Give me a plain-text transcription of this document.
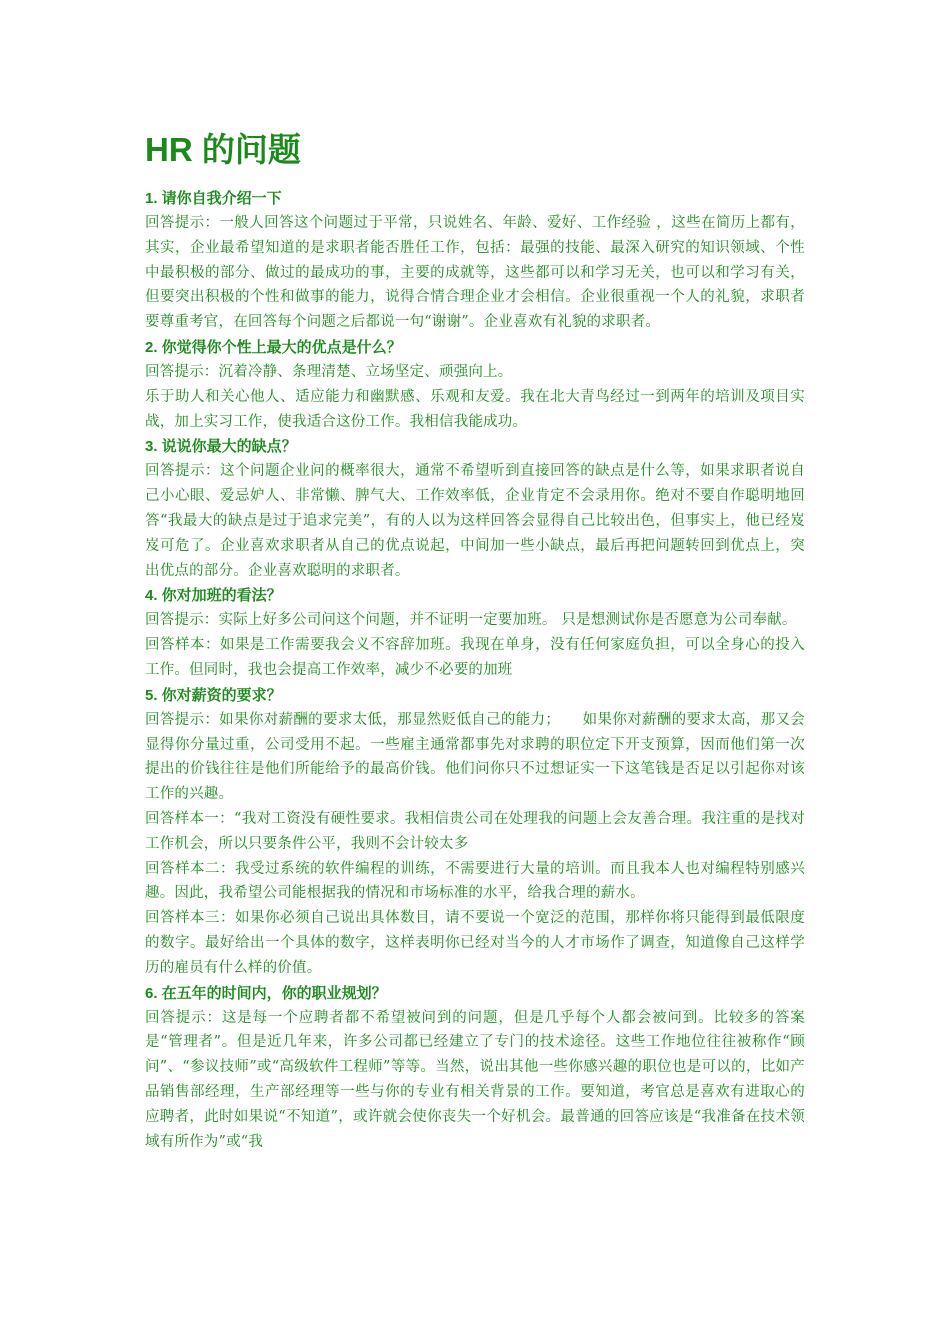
HR 的问题
1. 请你自我介绍一下

回答提示：一般人回答这个问题过于平常，只说姓名、年龄、爱好、工作经验 ，这些在简历上都有，其实，企业最希望知道的是求职者能否胜任工作，包括：最强的技能、最深入研究的知识领域、个性中最积极的部分、做过的最成功的事，主要的成就等，这些都可以和学习无关，也可以和学习有关，但要突出积极的个性和做事的能力，说得合情合理企业才会相信。企业很重视一个人的礼貌，求职者要尊重考官，在回答每个问题之后都说一句“谢谢”。企业喜欢有礼貌的求职者。

2. 你觉得你个性上最大的优点是什么？

回答提示：沉着冷静、条理清楚、立场坚定、顽强向上。

乐于助人和关心他人、适应能力和幽默感、乐观和友爱。我在北大青鸟经过一到两年的培训及项目实战，加上实习工作，使我适合这份工作。我相信我能成功。

3. 说说你最大的缺点？

回答提示：这个问题企业问的概率很大，通常不希望听到直接回答的缺点是什么等，如果求职者说自己小心眼、爱忌妒人、非常懒、脾气大、工作效率低，企业肯定不会录用你。绝对不要自作聪明地回答“我最大的缺点是过于追求完美”，有的人以为这样回答会显得自己比较出色，但事实上，他已经岌岌可危了。企业喜欢求职者从自己的优点说起，中间加一些小缺点，最后再把问题转回到优点上，突出优点的部分。企业喜欢聪明的求职者。

4. 你对加班的看法？

回答提示：实际上好多公司问这个问题，并不证明一定要加班。 只是想测试你是否愿意为公司奉献。

回答样本：如果是工作需要我会义不容辞加班。我现在单身，没有任何家庭负担，可以全身心的投入工作。但同时，我也会提高工作效率，减少不必要的加班

5. 你对薪资的要求？

回答提示：如果你对薪酬的要求太低，那显然贬低自己的能力；　　如果你对薪酬的要求太高，那又会显得你分量过重，公司受用不起。一些雇主通常都事先对求聘的职位定下开支预算，因而他们第一次提出的价钱往往是他们所能给予的最高价钱。他们问你只不过想证实一下这笔钱是否足以引起你对该工作的兴趣。

回答样本一：“我对工资没有硬性要求。我相信贵公司在处理我的问题上会友善合理。我注重的是找对工作机会，所以只要条件公平，我则不会计较太多

回答样本二：我受过系统的软件编程的训练，不需要进行大量的培训。而且我本人也对编程特别感兴趣。因此，我希望公司能根据我的情况和市场标准的水平，给我合理的薪水。

回答样本三：如果你必须自己说出具体数目，请不要说一个宽泛的范围，那样你将只能得到最低限度的数字。最好给出一个具体的数字，这样表明你已经对当今的人才市场作了调查，知道像自己这样学历的雇员有什么样的价值。

6. 在五年的时间内，你的职业规划？

回答提示：这是每一个应聘者都不希望被问到的问题，但是几乎每个人都会被问到。比较多的答案是“管理者”。但是近几年来，许多公司都已经建立了专门的技术途径。这些工作地位往往被称作“顾问”、“参议技师”或“高级软件工程师”等等。当然，说出其他一些你感兴趣的职位也是可以的，比如产品销售部经理，生产部经理等一些与你的专业有相关背景的工作。要知道，考官总是喜欢有进取心的应聘者，此时如果说“不知道”，或许就会使你丧失一个好机会。最普通的回答应该是“我准备在技术领域有所作为”或“我
